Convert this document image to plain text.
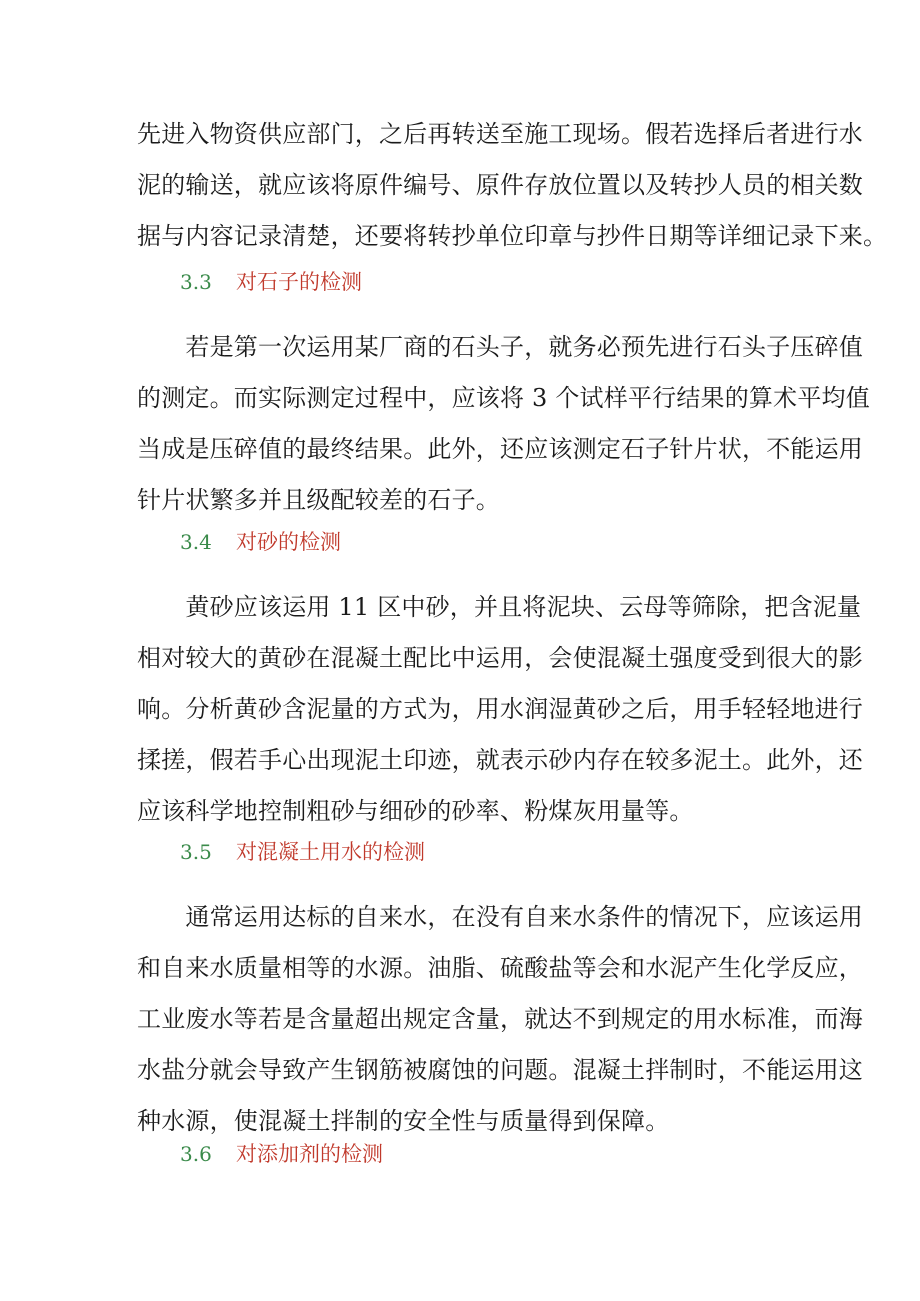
先进入物资供应部门，之后再转送至施工现场。假若选择后者进行水
泥的输送，就应该将原件编号、原件存放位置以及转抄人员的相关数
据与内容记录清楚，还要将转抄单位印章与抄件日期等详细记录下来。
3.3 对石子的检测
　　若是第一次运用某厂商的石头子，就务必预先进行石头子压碎值
的测定。而实际测定过程中，应该将 3 个试样平行结果的算术平均值
当成是压碎值的最终结果。此外，还应该测定石子针片状，不能运用
针片状繁多并且级配较差的石子。
3.4 对砂的检测
　　黄砂应该运用 11 区中砂，并且将泥块、云母等筛除，把含泥量
相对较大的黄砂在混凝土配比中运用，会使混凝土强度受到很大的影
响。分析黄砂含泥量的方式为，用水润湿黄砂之后，用手轻轻地进行
揉搓，假若手心出现泥土印迹，就表示砂内存在较多泥土。此外，还
应该科学地控制粗砂与细砂的砂率、粉煤灰用量等。
3.5 对混凝土用水的检测
　　通常运用达标的自来水，在没有自来水条件的情况下，应该运用
和自来水质量相等的水源。油脂、硫酸盐等会和水泥产生化学反应，
工业废水等若是含量超出规定含量，就达不到规定的用水标准，而海
水盐分就会导致产生钢筋被腐蚀的问题。混凝土拌制时，不能运用这
种水源，使混凝土拌制的安全性与质量得到保障。
3.6 对添加剂的检测
